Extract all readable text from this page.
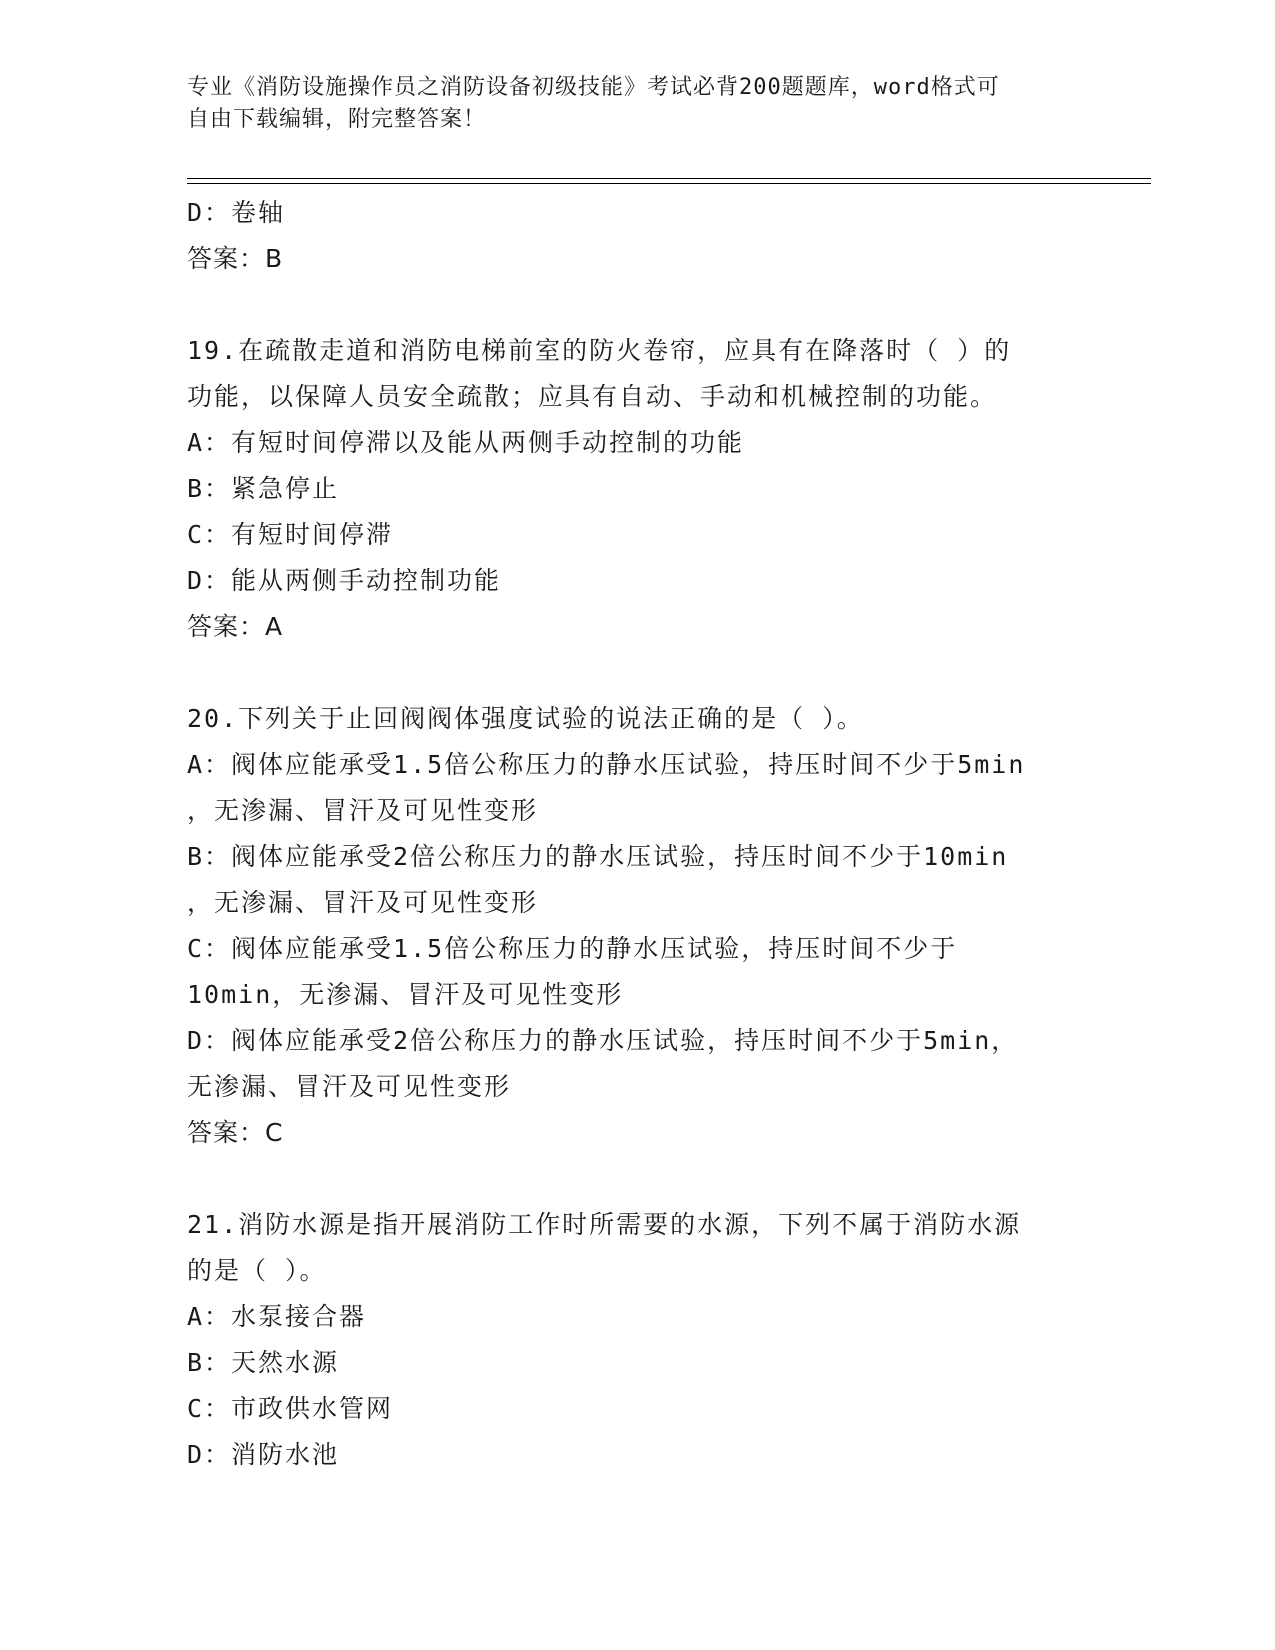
专业《消防设施操作员之消防设备初级技能》考试必背200题题库，word格式可
自由下载编辑，附完整答案！
D：卷轴
答案：B
19.在疏散走道和消防电梯前室的防火卷帘，应具有在降落时（ ）的
功能，以保障人员安全疏散；应具有自动、手动和机械控制的功能。
A：有短时间停滞以及能从两侧手动控制的功能
B：紧急停止
C：有短时间停滞
D：能从两侧手动控制功能
答案：A
20.下列关于止回阀阀体强度试验的说法正确的是（ ）。
A：阀体应能承受1.5倍公称压力的静水压试验，持压时间不少于5min
，无渗漏、冒汗及可见性变形
B：阀体应能承受2倍公称压力的静水压试验，持压时间不少于10min
，无渗漏、冒汗及可见性变形
C：阀体应能承受1.5倍公称压力的静水压试验，持压时间不少于
10min，无渗漏、冒汗及可见性变形
D：阀体应能承受2倍公称压力的静水压试验，持压时间不少于5min，
无渗漏、冒汗及可见性变形
答案：C
21.消防水源是指开展消防工作时所需要的水源，下列不属于消防水源
的是（ ）。
A：水泵接合器
B：天然水源
C：市政供水管网
D：消防水池
